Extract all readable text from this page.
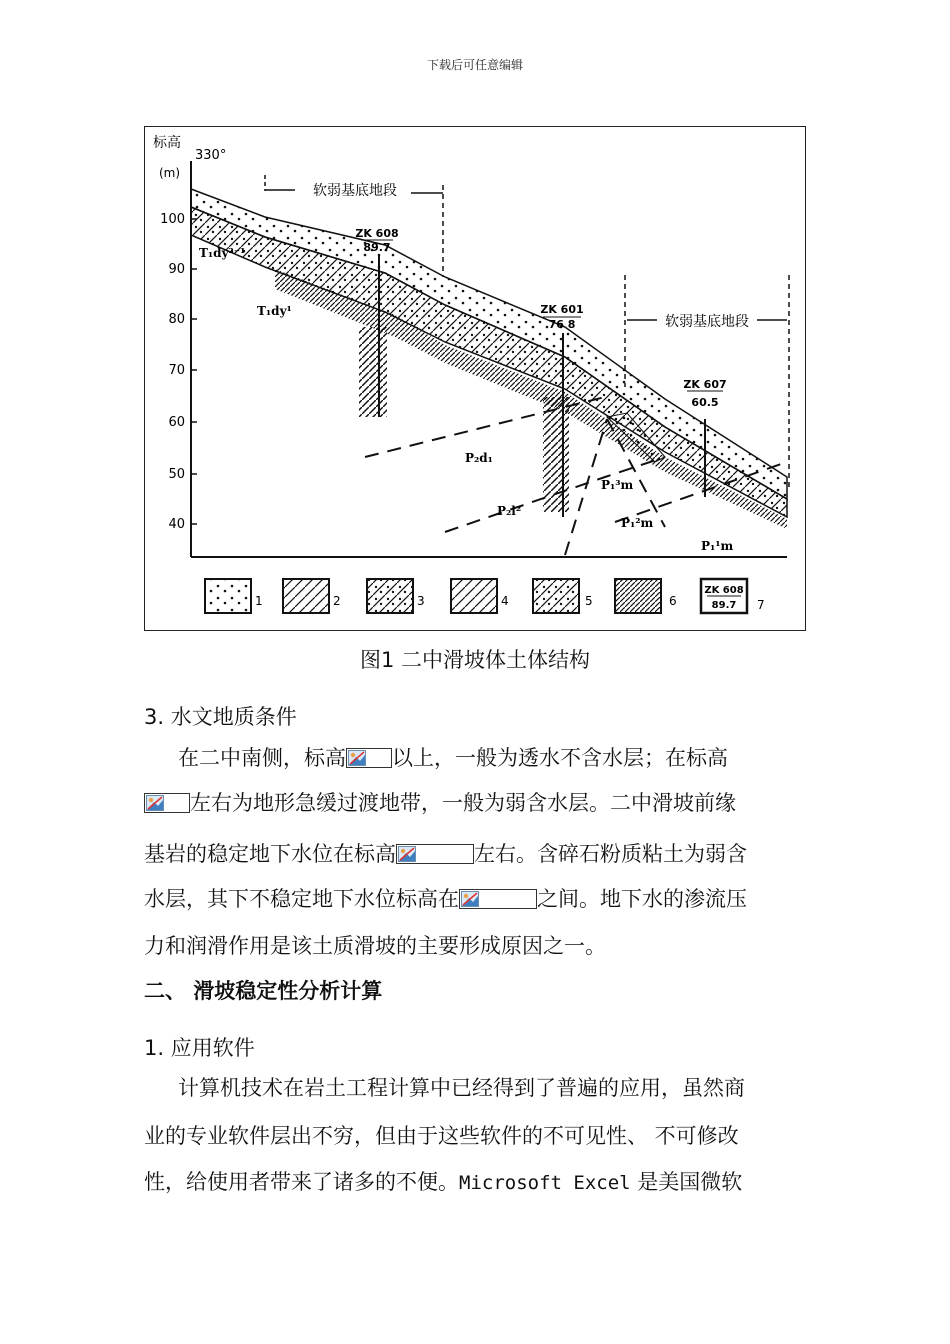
下载后可任意编辑
标高
(m)
330°
100
90
80
70
60
50
40
ZK 608
89.7
ZK 601
76 8
ZK 607
60.5
软弱基底地段
软弱基底地段
T₁dy²⁻¹
T₁dy¹
P₂d₁
P₂l²
P₁³m
P₁²m
P₁¹m
1	2	3	4	5	6
ZK 608
89.7 7
图1 二中滑坡体土体结构
3. 水文地质条件
在二中南侧，标高 以上，一般为透水不含水层；在标高
左右为地形急缓过渡地带，一般为弱含水层。二中滑坡前缘
基岩的稳定地下水位在标高	左右。含碎石粉质粘土为弱含
水层，其下不稳定地下水位标高在	之间。地下水的渗流压
力和润滑作用是该土质滑坡的主要形成原因之一。
二、 滑坡稳定性分析计算
1. 应用软件
计算机技术在岩土工程计算中已经得到了普遍的应用，虽然商
业的专业软件层出不穷，但由于这些软件的不可见性、 不可修改
性，给使用者带来了诸多的不便。Microsoft Excel 是美国微软
